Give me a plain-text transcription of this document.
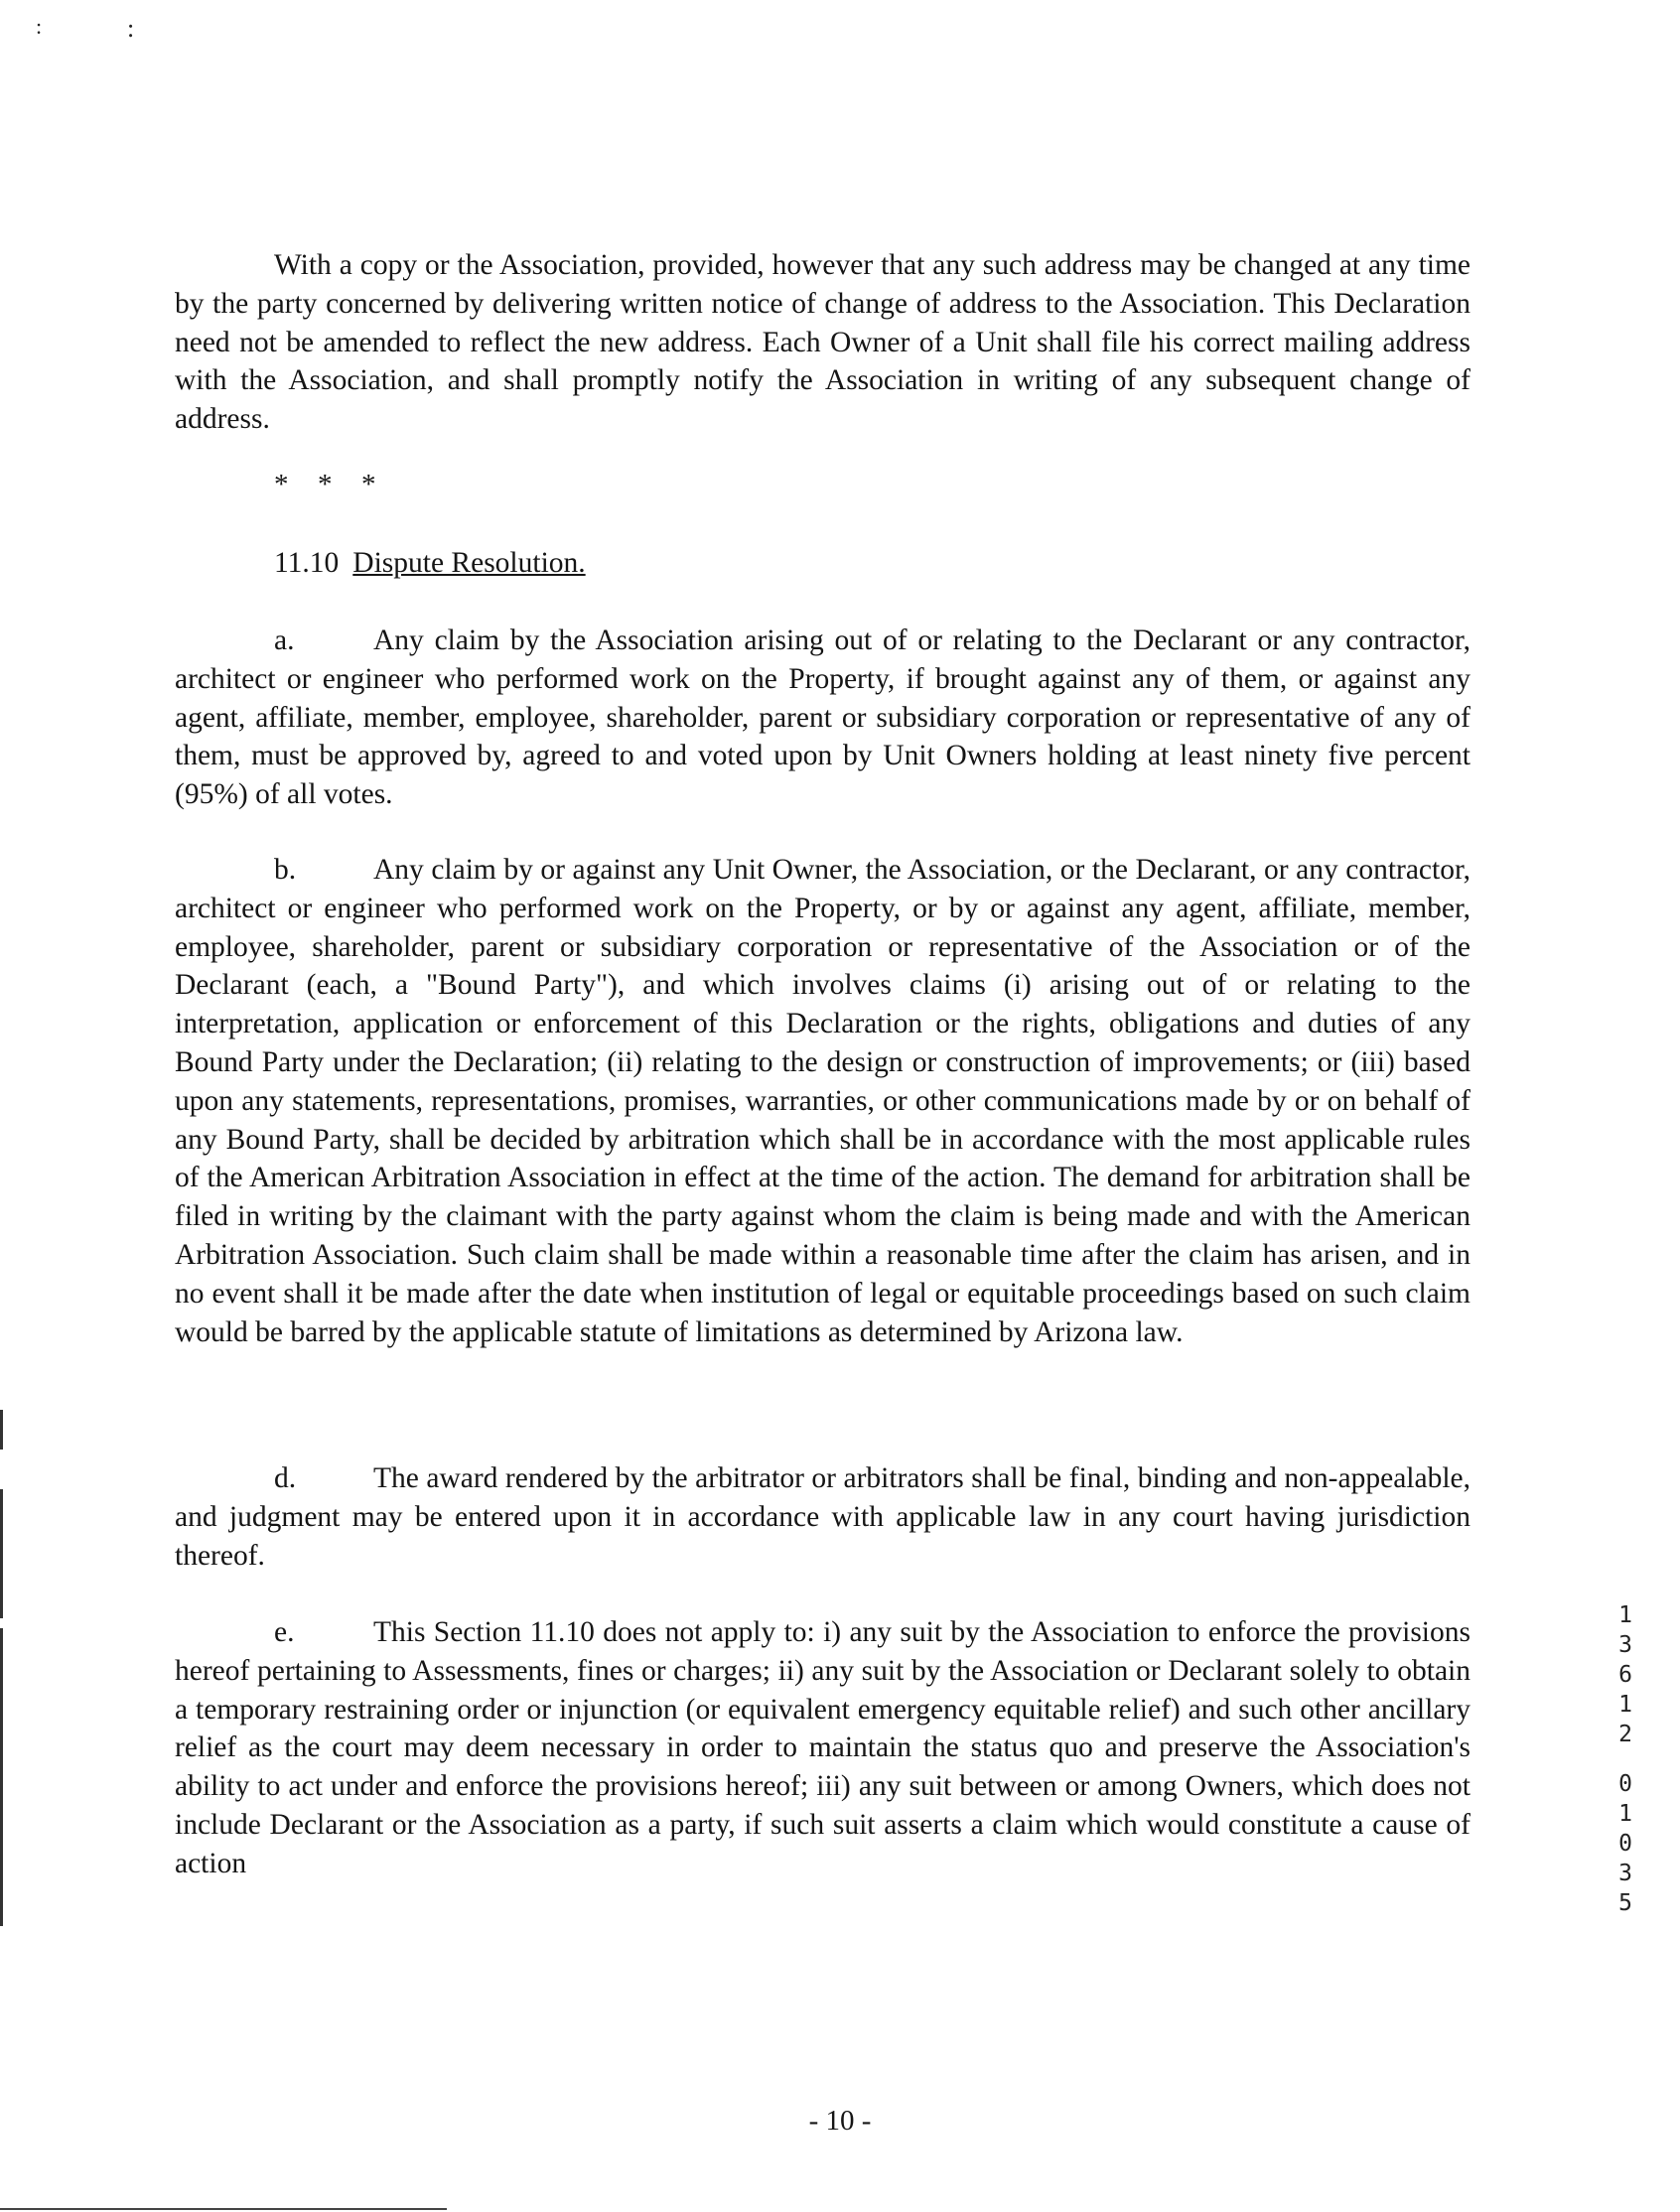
:	:

With a copy or the Association, provided, however that any such address may be changed at any time by the party concerned by delivering written notice of change of address to the Association. This Declaration need not be amended to reflect the new address. Each Owner of a Unit shall file his correct mailing address with the Association, and shall promptly notify the Association in writing of any subsequent change of address.

* * *

11.10 Dispute Resolution.

a.	Any claim by the Association arising out of or relating to the Declarant or any contractor, architect or engineer who performed work on the Property, if brought against any of them, or against any agent, affiliate, member, employee, shareholder, parent or subsidiary corporation or representative of any of them, must be approved by, agreed to and voted upon by Unit Owners holding at least ninety five percent (95%) of all votes.

b.	Any claim by or against any Unit Owner, the Association, or the Declarant, or any contractor, architect or engineer who performed work on the Property, or by or against any agent, affiliate, member, employee, shareholder, parent or subsidiary corporation or representative of the Association or of the Declarant (each, a "Bound Party"), and which involves claims (i) arising out of or relating to the interpretation, application or enforcement of this Declaration or the rights, obligations and duties of any Bound Party under the Declaration; (ii) relating to the design or construction of improvements; or (iii) based upon any statements, representations, promises, warranties, or other communications made by or on behalf of any Bound Party, shall be decided by arbitration which shall be in accordance with the most applicable rules of the American Arbitration Association in effect at the time of the action. The demand for arbitration shall be filed in writing by the claimant with the party against whom the claim is being made and with the American Arbitration Association. Such claim shall be made within a reasonable time after the claim has arisen, and in no event shall it be made after the date when institution of legal or equitable proceedings based on such claim would be barred by the applicable statute of limitations as determined by Arizona law.

d.	The award rendered by the arbitrator or arbitrators shall be final, binding and non-appealable, and judgment may be entered upon it in accordance with applicable law in any court having jurisdiction thereof.

e.	This Section 11.10 does not apply to: i) any suit by the Association to enforce the provisions hereof pertaining to Assessments, fines or charges; ii) any suit by the Association or Declarant solely to obtain a temporary restraining order or injunction (or equivalent emergency equitable relief) and such other ancillary relief as the court may deem necessary in order to maintain the status quo and preserve the Association's ability to act under and enforce the provisions hereof; iii) any suit between or among Owners, which does not include Declarant or the Association as a party, if such suit asserts a claim which would constitute a cause of action

1
3
6
1
2
0
1
0
3
5
- 10 -
